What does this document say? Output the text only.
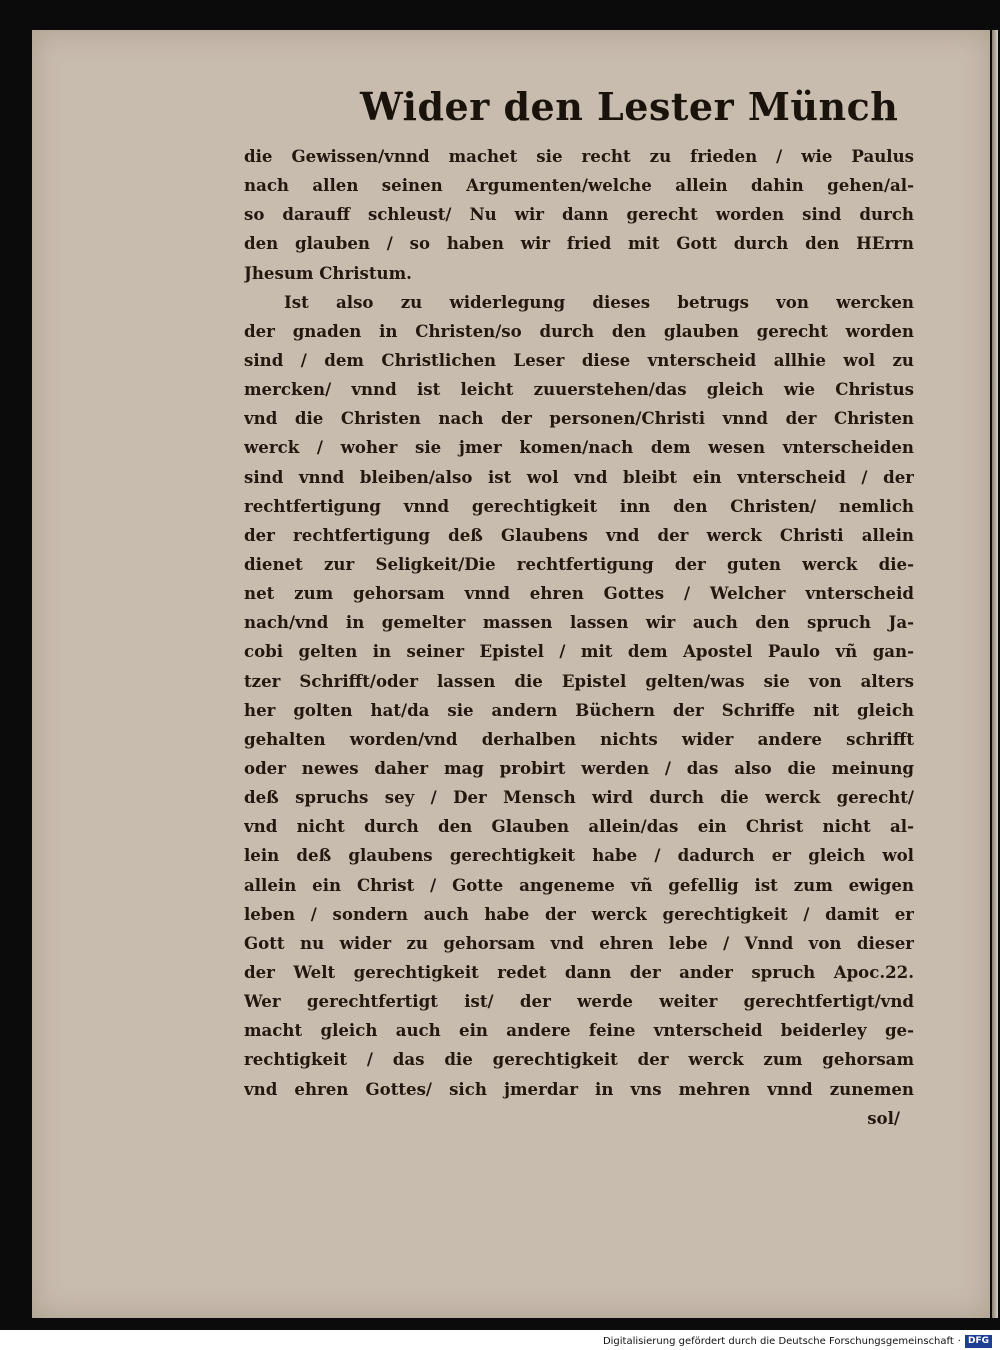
Wider den Lester Münch
die Gewissen/vnnd machet sie recht zu frieden / wie Paulus
nach allen seinen Argumenten/welche allein dahin gehen/al-
so darauff schleust/ Nu wir dann gerecht worden sind durch
den glauben / so haben wir fried mit Gott durch den HErrn
Jhesum Christum.
Ist also zu widerlegung dieses betrugs von wercken
der gnaden in Christen/so durch den glauben gerecht worden
sind / dem Christlichen Leser diese vnterscheid allhie wol zu
mercken/ vnnd ist leicht zuuerstehen/das gleich wie Christus
vnd die Christen nach der personen/Christi vnnd der Christen
werck / woher sie jmer komen/nach dem wesen vnterscheiden
sind vnnd bleiben/also ist wol vnd bleibt ein vnterscheid / der
rechtfertigung vnnd gerechtigkeit inn den Christen/ nemlich
der rechtfertigung deß Glaubens vnd der werck Christi allein
dienet zur Seligkeit/Die rechtfertigung der guten werck die-
net zum gehorsam vnnd ehren Gottes / Welcher vnterscheid
nach/vnd in gemelter massen lassen wir auch den spruch Ja-
cobi gelten in seiner Epistel / mit dem Apostel Paulo vñ gan-
tzer Schrifft/oder lassen die Epistel gelten/was sie von alters
her golten hat/da sie andern Büchern der Schriffe nit gleich
gehalten worden/vnd derhalben nichts wider andere schrifft
oder newes daher mag probirt werden / das also die meinung
deß spruchs sey / Der Mensch wird durch die werck gerecht/
vnd nicht durch den Glauben allein/das ein Christ nicht al-
lein deß glaubens gerechtigkeit habe / dadurch er gleich wol
allein ein Christ / Gotte angeneme vñ gefellig ist zum ewigen
leben / sondern auch habe der werck gerechtigkeit / damit er
Gott nu wider zu gehorsam vnd ehren lebe / Vnnd von dieser
der Welt gerechtigkeit redet dann der ander spruch Apoc.22.
Wer gerechtfertigt ist/ der werde weiter gerechtfertigt/vnd
macht gleich auch ein andere feine vnterscheid beiderley ge-
rechtigkeit / das die gerechtigkeit der werck zum gehorsam
vnd ehren Gottes/ sich jmerdar in vns mehren vnnd zunemen
sol/
Digitalisierung gefördert durch die Deutsche Forschungsgemeinschaft · DFG
